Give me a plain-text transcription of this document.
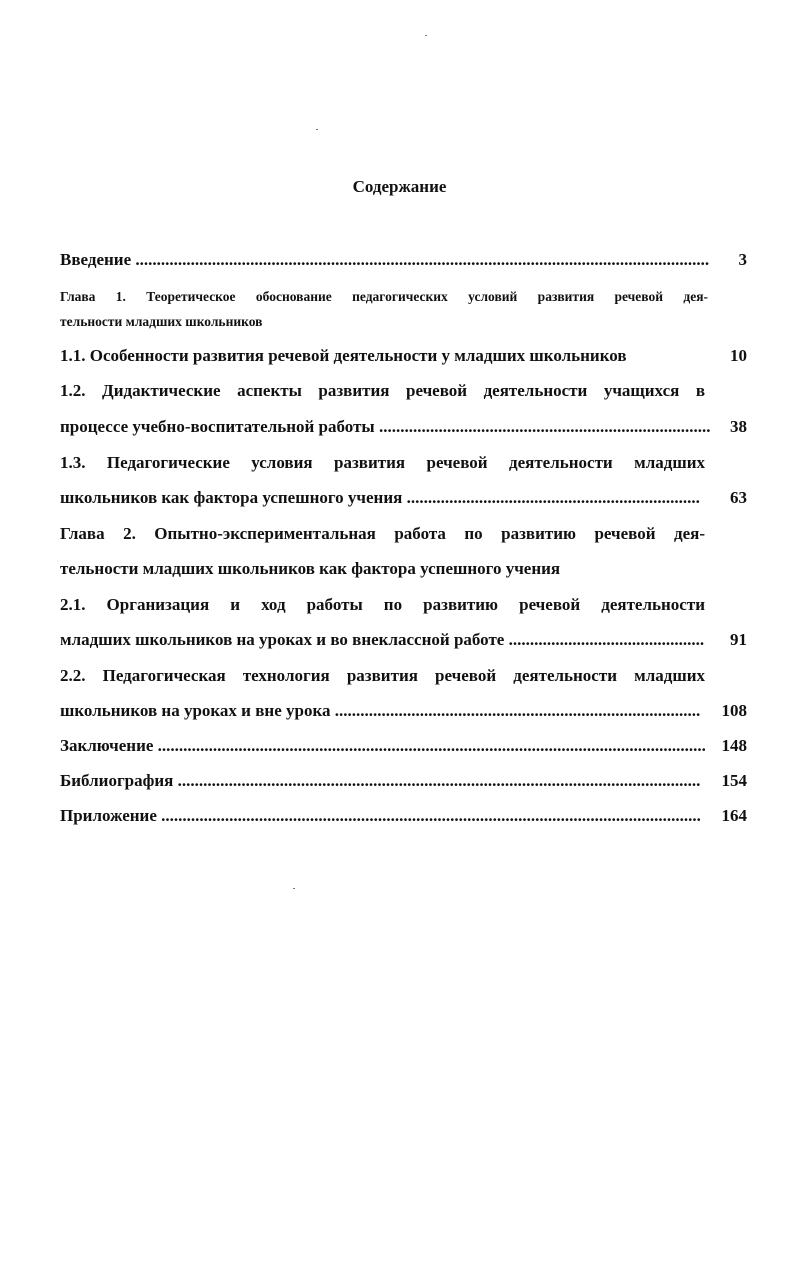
Содержание
Введение .....	3
Глава 1. Теоретическое обоснование педагогических условий развития речевой дея-
тельности младших школьников
1.1. Особенности развития речевой деятельности у младших школьников	10
1.2. Дидактические аспекты развития речевой деятельности учащихся в
процессе учебно-воспитательной работы .....	38
1.3. Педагогические условия развития речевой деятельности младших
школьников как фактора успешного учения .....	63
Глава 2. Опытно-экспериментальная работа по развитию речевой дея-
тельности младших школьников как фактора успешного учения
2.1. Организация и ход работы по развитию речевой деятельности
младших школьников на уроках и во внеклассной работе .....	91
2.2. Педагогическая технология развития речевой деятельности младших
школьников на уроках и вне урока .....	108
Заключение .....	148
Библиография .....	154
Приложение .....	164
